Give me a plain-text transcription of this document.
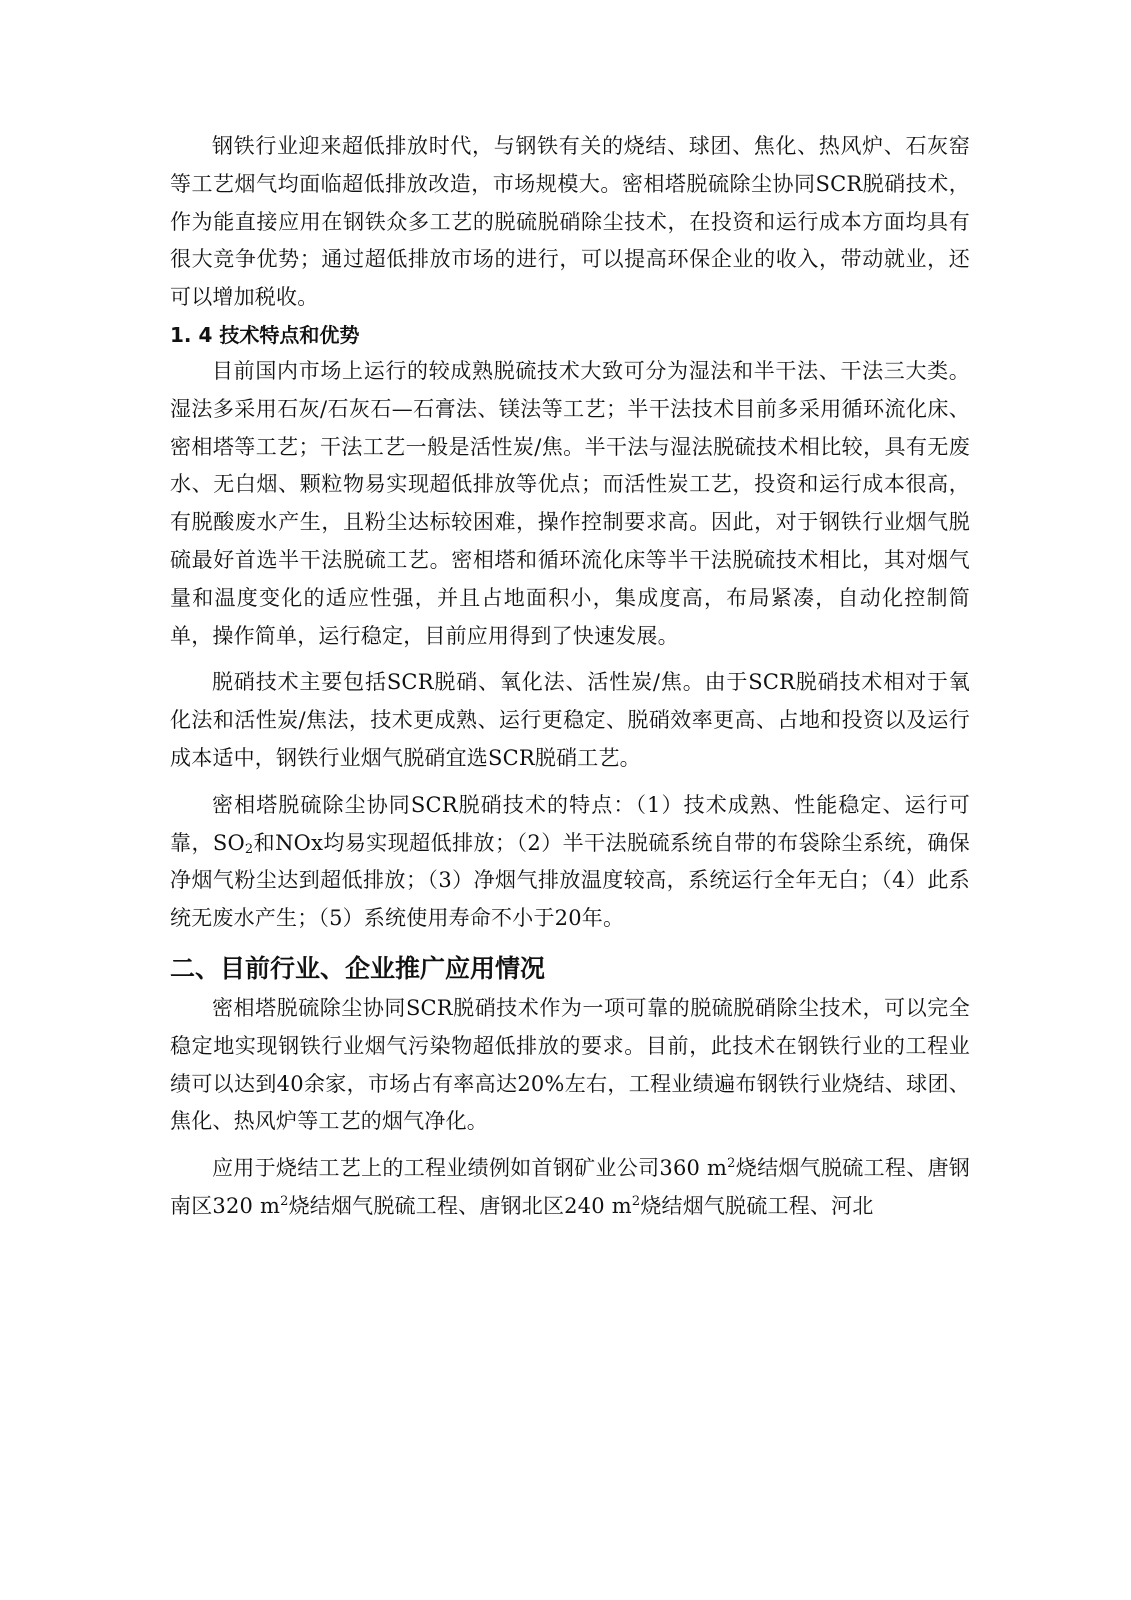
钢铁行业迎来超低排放时代，与钢铁有关的烧结、球团、焦化、热风炉、石灰窑等工艺烟气均面临超低排放改造，市场规模大。密相塔脱硫除尘协同SCR脱硝技术，作为能直接应用在钢铁众多工艺的脱硫脱硝除尘技术，在投资和运行成本方面均具有很大竞争优势；通过超低排放市场的进行，可以提高环保企业的收入，带动就业，还可以增加税收。

1. 4 技术特点和优势

目前国内市场上运行的较成熟脱硫技术大致可分为湿法和半干法、干法三大类。湿法多采用石灰/石灰石—石膏法、镁法等工艺；半干法技术目前多采用循环流化床、密相塔等工艺；干法工艺一般是活性炭/焦。半干法与湿法脱硫技术相比较，具有无废水、无白烟、颗粒物易实现超低排放等优点；而活性炭工艺，投资和运行成本很高，有脱酸废水产生，且粉尘达标较困难，操作控制要求高。因此，对于钢铁行业烟气脱硫最好首选半干法脱硫工艺。密相塔和循环流化床等半干法脱硫技术相比，其对烟气量和温度变化的适应性强，并且占地面积小，集成度高，布局紧凑，自动化控制简单，操作简单，运行稳定，目前应用得到了快速发展。

脱硝技术主要包括SCR脱硝、氧化法、活性炭/焦。由于SCR脱硝技术相对于氧化法和活性炭/焦法，技术更成熟、运行更稳定、脱硝效率更高、占地和投资以及运行成本适中，钢铁行业烟气脱硝宜选SCR脱硝工艺。

密相塔脱硫除尘协同SCR脱硝技术的特点：（1）技术成熟、性能稳定、运行可靠，$SO_2$和NOx均易实现超低排放；（2）半干法脱硫系统自带的布袋除尘系统，确保净烟气粉尘达到超低排放；（3）净烟气排放温度较高，系统运行全年无白；（4）此系统无废水产生；（5）系统使用寿命不小于20年。

二、目前行业、企业推广应用情况

密相塔脱硫除尘协同SCR脱硝技术作为一项可靠的脱硫脱硝除尘技术，可以完全稳定地实现钢铁行业烟气污染物超低排放的要求。目前，此技术在钢铁行业的工程业绩可以达到40余家，市场占有率高达20%左右，工程业绩遍布钢铁行业烧结、球团、焦化、热风炉等工艺的烟气净化。

应用于烧结工艺上的工程业绩例如首钢矿业公司360 $m^2$烧结烟气脱硫工程、唐钢南区320 $m^2$烧结烟气脱硫工程、唐钢北区240 $m^2$烧结烟气脱硫工程、河北
